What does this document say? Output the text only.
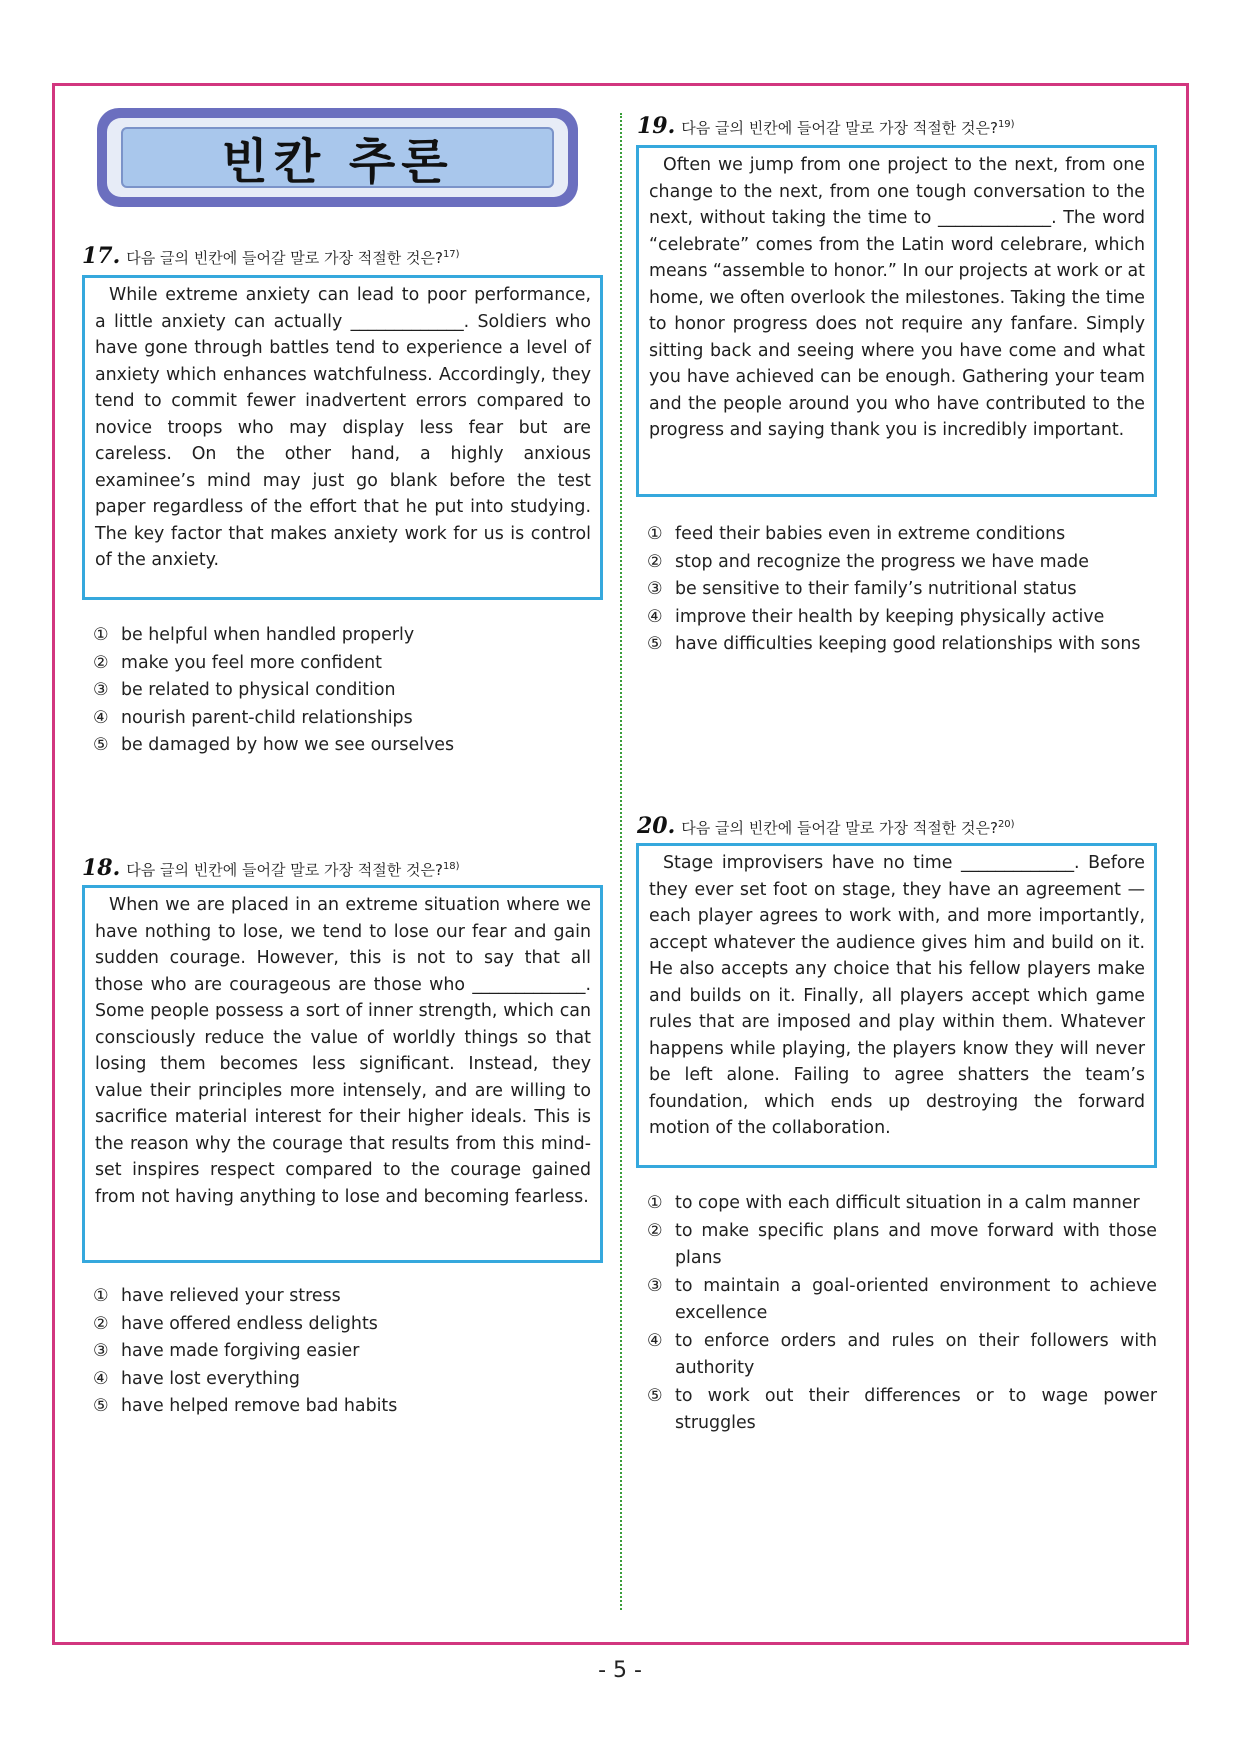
빈칸 추론
17. 다음 글의 빈칸에 들어갈 말로 가장 적절한 것은?$^{17)}$

While extreme anxiety can lead to poor performance, a little anxiety can actually _____________. Soldiers who have gone through battles tend to experience a level of anxiety which enhances watchfulness. Accordingly, they tend to commit fewer inadvertent errors compared to novice troops who may display less fear but are careless. On the other hand, a highly anxious examinee’s mind may just go blank before the test paper regardless of the effort that he put into studying. The key factor that makes anxiety work for us is control of the anxiety.

① be helpful when handled properly
② make you feel more confident
③ be related to physical condition
④ nourish parent-child relationships
⑤ be damaged by how we see ourselves
18. 다음 글의 빈칸에 들어갈 말로 가장 적절한 것은?$^{18)}$

When we are placed in an extreme situation where we have nothing to lose, we tend to lose our fear and gain sudden courage. However, this is not to say that all those who are courageous are those who _____________. Some people possess a sort of inner strength, which can consciously reduce the value of worldly things so that losing them becomes less significant. Instead, they value their principles more intensely, and are willing to sacrifice material interest for their higher ideals. This is the reason why the courage that results from this mind-set inspires respect compared to the courage gained from not having anything to lose and becoming fearless.

① have relieved your stress
② have offered endless delights
③ have made forgiving easier
④ have lost everything
⑤ have helped remove bad habits
19. 다음 글의 빈칸에 들어갈 말로 가장 적절한 것은?$^{19)}$

Often we jump from one project to the next, from one change to the next, from one tough conversation to the next, without taking the time to _____________. The word “celebrate” comes from the Latin word celebrare, which means “assemble to honor.” In our projects at work or at home, we often overlook the milestones. Taking the time to honor progress does not require any fanfare. Simply sitting back and seeing where you have come and what you have achieved can be enough. Gathering your team and the people around you who have contributed to the progress and saying thank you is incredibly important.

① feed their babies even in extreme conditions
② stop and recognize the progress we have made
③ be sensitive to their family’s nutritional status
④ improve their health by keeping physically active
⑤ have difficulties keeping good relationships with sons
20. 다음 글의 빈칸에 들어갈 말로 가장 적절한 것은?$^{20)}$

Stage improvisers have no time _____________. Before they ever set foot on stage, they have an agreement — each player agrees to work with, and more importantly, accept whatever the audience gives him and build on it. He also accepts any choice that his fellow players make and builds on it. Finally, all players accept which game rules that are imposed and play within them. Whatever happens while playing, the players know they will never be left alone. Failing to agree shatters the team’s foundation, which ends up destroying the forward motion of the collaboration.

① to cope with each difficult situation in a calm manner
② to make specific plans and move forward with those plans
③ to maintain a goal-oriented environment to achieve excellence
④ to enforce orders and rules on their followers with authority
⑤ to work out their differences or to wage power struggles
- 5 -
